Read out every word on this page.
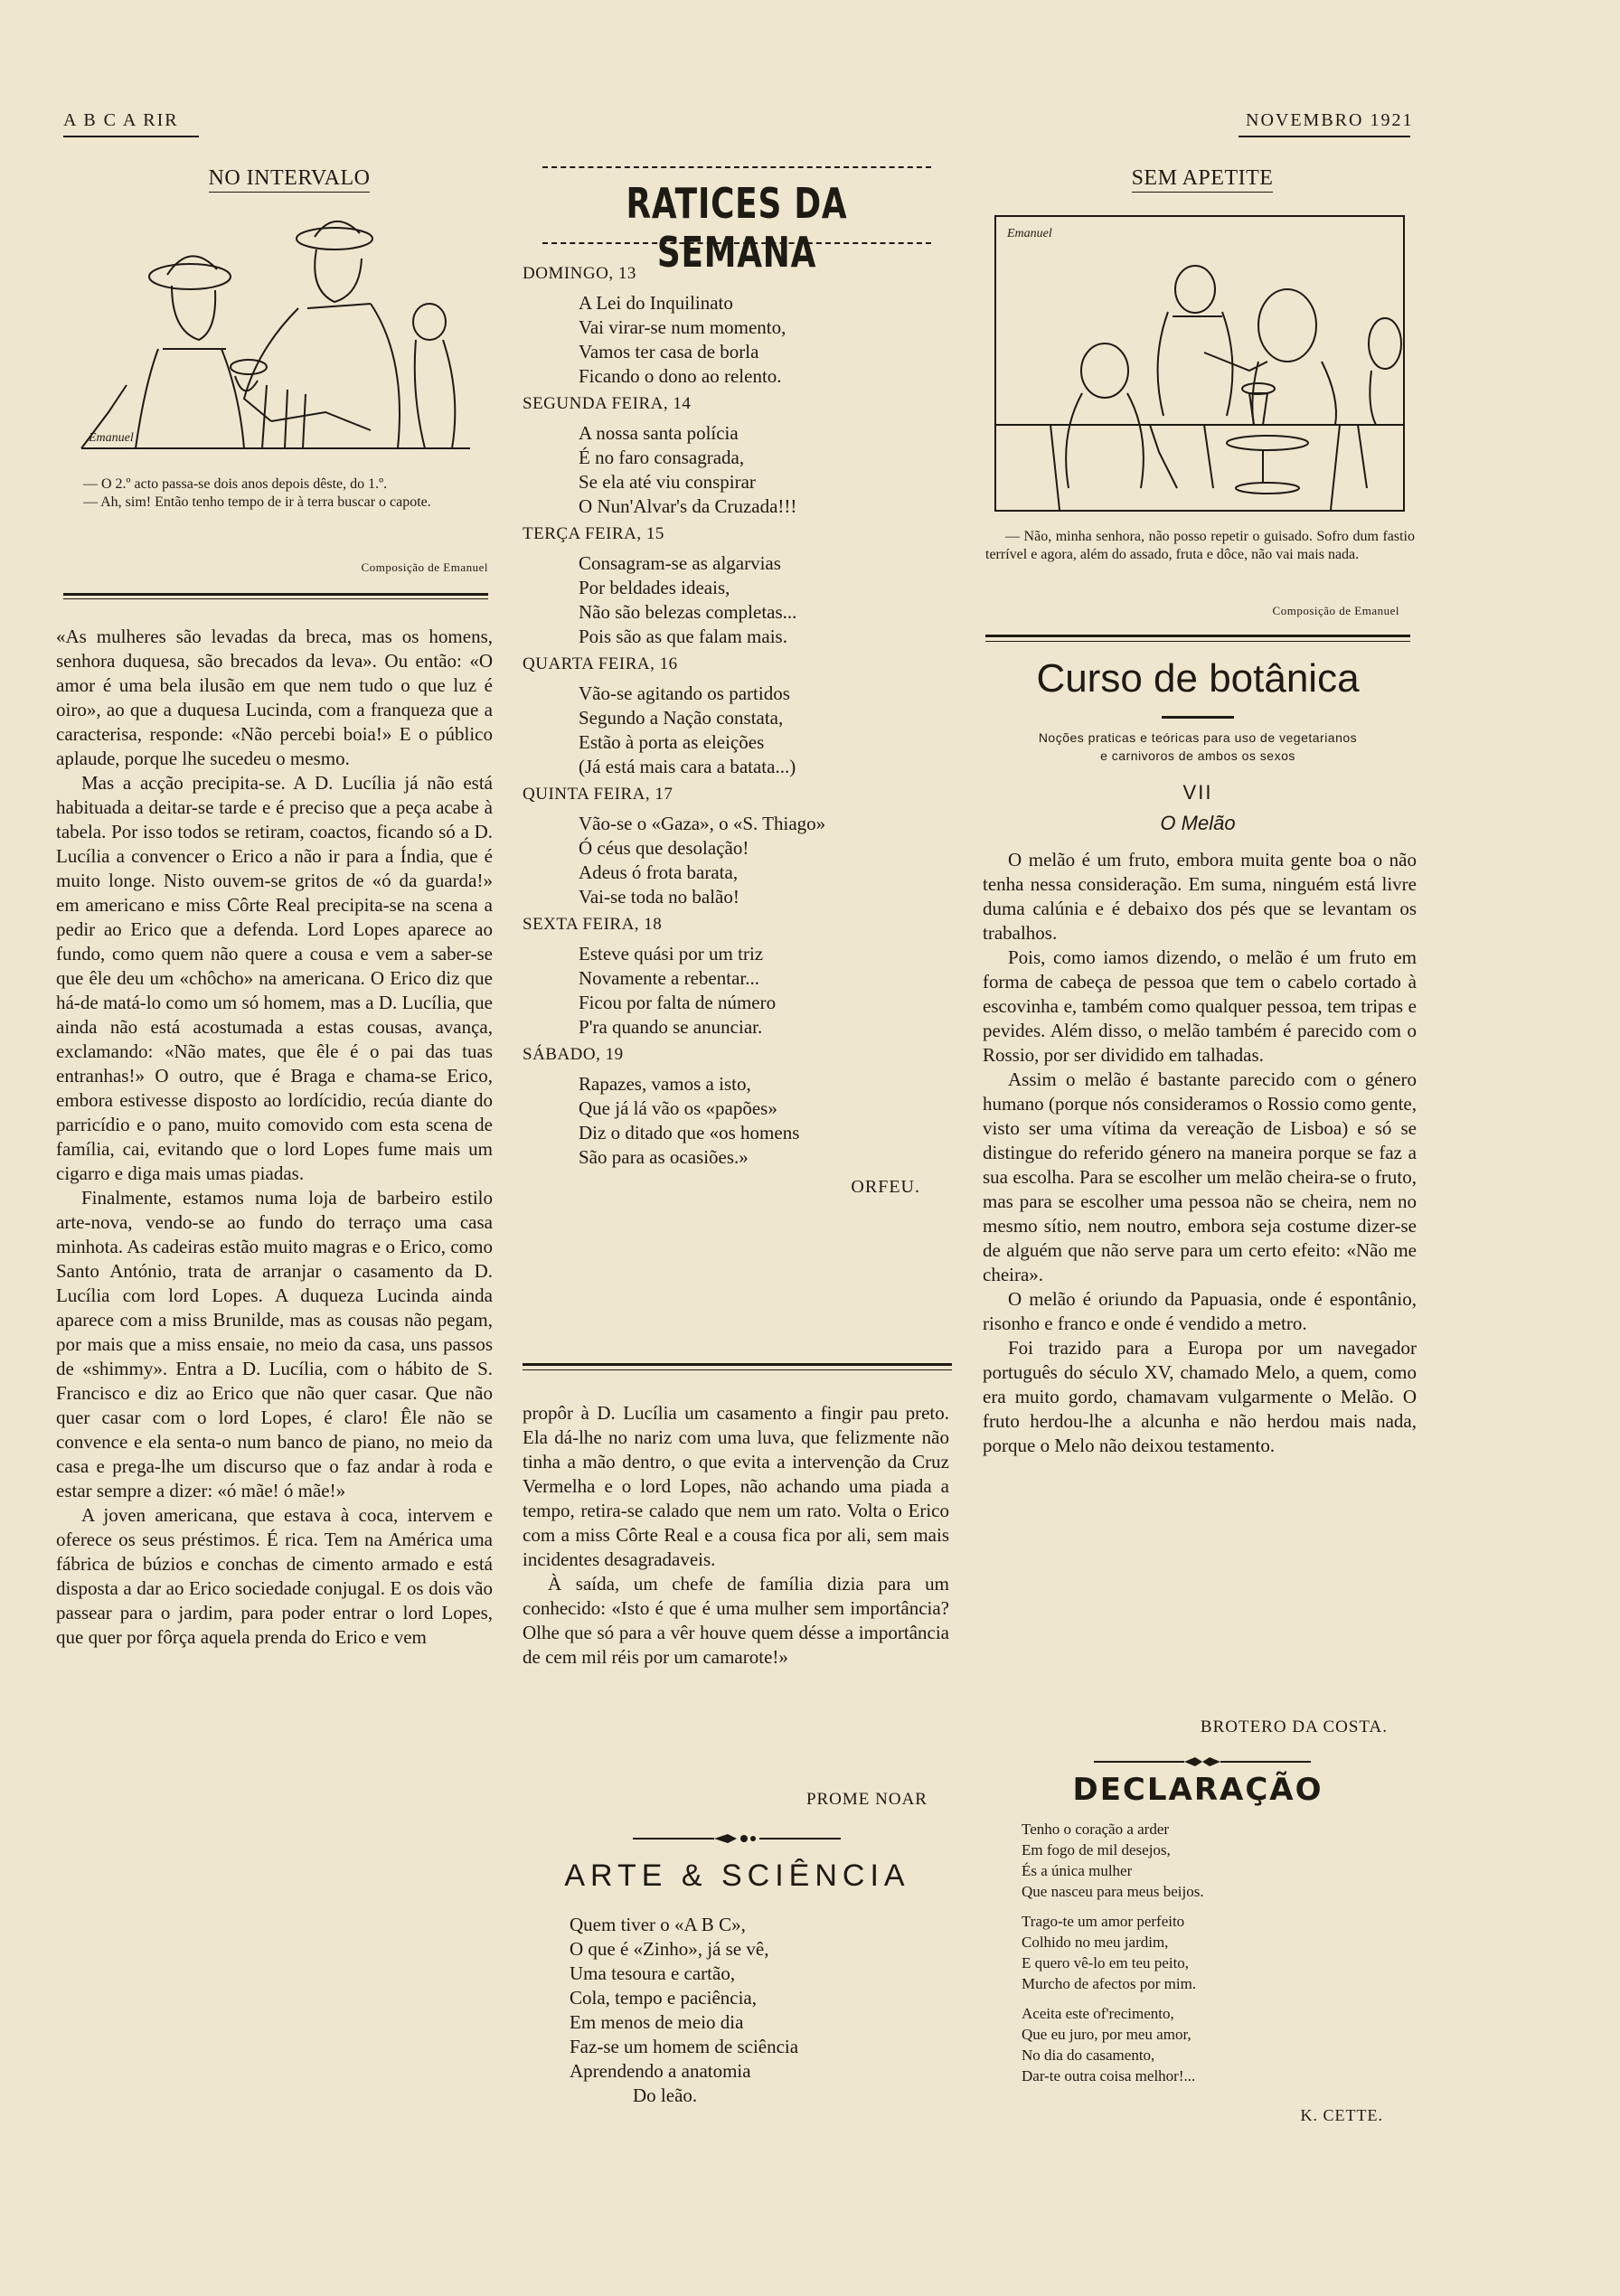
A B C A RIR	NOVEMBRO 1921
NO INTERVALO
Emanuel
— O 2.º acto passa-se dois anos depois dêste, do 1.º.
— Ah, sim! Então tenho tempo de ir à terra buscar o capote.
Composição de Emanuel

«As mulheres são levadas da breca, mas os homens, senhora duquesa, são brecados da leva». Ou então: «O amor é uma bela ilusão em que nem tudo o que luz é oiro», ao que a duquesa Lucinda, com a franqueza que a caracterisa, responde: «Não percebi boia!» E o público aplaude, porque lhe sucedeu o mesmo.

Mas a acção precipita-se. A D. Lucília já não está habituada a deitar-se tarde e é preciso que a peça acabe à tabela. Por isso todos se retiram, coactos, ficando só a D. Lucília a convencer o Erico a não ir para a Índia, que é muito longe. Nisto ouvem-se gritos de «ó da guarda!» em americano e miss Côrte Real precipita-se na scena a pedir ao Erico que a defenda. Lord Lopes aparece ao fundo, como quem não quere a cousa e vem a saber-se que êle deu um «chôcho» na americana. O Erico diz que há-de matá-lo como um só homem, mas a D. Lucília, que ainda não está acostumada a estas cousas, avança, exclamando: «Não mates, que êle é o pai das tuas entranhas!» O outro, que é Braga e chama-se Erico, embora estivesse disposto ao lordícidio, recúa diante do parricídio e o pano, muito comovido com esta scena de família, cai, evitando que o lord Lopes fume mais um cigarro e diga mais umas piadas.

Finalmente, estamos numa loja de barbeiro estilo arte-nova, vendo-se ao fundo do terraço uma casa minhota. As cadeiras estão muito magras e o Erico, como Santo António, trata de arranjar o casamento da D. Lucília com lord Lopes. A duqueza Lucinda ainda aparece com a miss Brunilde, mas as cousas não pegam, por mais que a miss ensaie, no meio da casa, uns passos de «shimmy». Entra a D. Lucília, com o hábito de S. Francisco e diz ao Erico que não quer casar. Que não quer casar com o lord Lopes, é claro! Êle não se convence e ela senta-o num banco de piano, no meio da casa e prega-lhe um discurso que o faz andar à roda e estar sempre a dizer: «ó mãe! ó mãe!»

A joven americana, que estava à coca, intervem e oferece os seus préstimos. É rica. Tem na América uma fábrica de búzios e conchas de cimento armado e está disposta a dar ao Erico sociedade conjugal. E os dois vão passear para o jardim, para poder entrar o lord Lopes, que quer por fôrça aquela prenda do Erico e vem

RATICES DA SEMANA
DOMINGO, 13
A Lei do Inquilinato
Vai virar-se num momento,
Vamos ter casa de borla
Ficando o dono ao relento.
SEGUNDA FEIRA, 14
A nossa santa polícia
É no faro consagrada,
Se ela até viu conspirar
O Nun'Alvar's da Cruzada!!!
TERÇA FEIRA, 15
Consagram-se as algarvias
Por beldades ideais,
Não são belezas completas...
Pois são as que falam mais.
QUARTA FEIRA, 16
Vão-se agitando os partidos
Segundo a Nação constata,
Estão à porta as eleições
(Já está mais cara a batata...)
QUINTA FEIRA, 17
Vão-se o «Gaza», o «S. Thiago»
Ó céus que desolação!
Adeus ó frota barata,
Vai-se toda no balão!
SEXTA FEIRA, 18
Esteve quási por um triz
Novamente a rebentar...
Ficou por falta de número
P'ra quando se anunciar.
SÁBADO, 19
Rapazes, vamos a isto,
Que já lá vão os «papões»
Diz o ditado que «os homens
São para as ocasiões.»
ORFEU.

propôr à D. Lucília um casamento a fingir pau preto. Ela dá-lhe no nariz com uma luva, que felizmente não tinha a mão dentro, o que evita a intervenção da Cruz Vermelha e o lord Lopes, não achando uma piada a tempo, retira-se calado que nem um rato. Volta o Erico com a miss Côrte Real e a cousa fica por ali, sem mais incidentes desagradaveis.

À saída, um chefe de família dizia para um conhecido: «Isto é que é uma mulher sem importância? Olhe que só para a vêr houve quem désse a importância de cem mil réis por um camarote!»

PROME NOAR
ARTE & SCIÊNCIA
Quem tiver o «A B C»,
O que é «Zinho», já se vê,
Uma tesoura e cartão,
Cola, tempo e paciência,
Em menos de meio dia
Faz-se um homem de sciência
Aprendendo a anatomia
Do leão.
SEM APETITE
Emanuel
— Não, minha senhora, não posso repetir o guisado. Sofro dum fastio terrível e agora, além do assado, fruta e dôce, não vai mais nada.
Composição de Emanuel
Curso de botânica
Noções praticas e teóricas para uso de vegetarianos
e carnivoros de ambos os sexos
VII
O Melão

O melão é um fruto, embora muita gente boa o não tenha nessa consideração. Em suma, ninguém está livre duma calúnia e é debaixo dos pés que se levantam os trabalhos.

Pois, como iamos dizendo, o melão é um fruto em forma de cabeça de pessoa que tem o cabelo cortado à escovinha e, também como qualquer pessoa, tem tripas e pevides. Além disso, o melão também é parecido com o Rossio, por ser dividido em talhadas.

Assim o melão é bastante parecido com o género humano (porque nós consideramos o Rossio como gente, visto ser uma vítima da vereação de Lisboa) e só se distingue do referido género na maneira porque se faz a sua escolha. Para se escolher um melão cheira-se o fruto, mas para se escolher uma pessoa não se cheira, nem no mesmo sítio, nem noutro, embora seja costume dizer-se de alguém que não serve para um certo efeito: «Não me cheira».

O melão é oriundo da Papuasia, onde é espontânio, risonho e franco e onde é vendido a metro.

Foi trazido para a Europa por um navegador português do século XV, chamado Melo, a quem, como era muito gordo, chamavam vulgarmente o Melão. O fruto herdou-lhe a alcunha e não herdou mais nada, porque o Melo não deixou testamento.

BROTERO DA COSTA.
DECLARAÇÃO
Tenho o coração a arder
Em fogo de mil desejos,
És a única mulher
Que nasceu para meus beijos.
Trago-te um amor perfeito
Colhido no meu jardim,
E quero vê-lo em teu peito,
Murcho de afectos por mim.
Aceita este of'recimento,
Que eu juro, por meu amor,
No dia do casamento,
Dar-te outra coisa melhor!...
K. CETTE.
